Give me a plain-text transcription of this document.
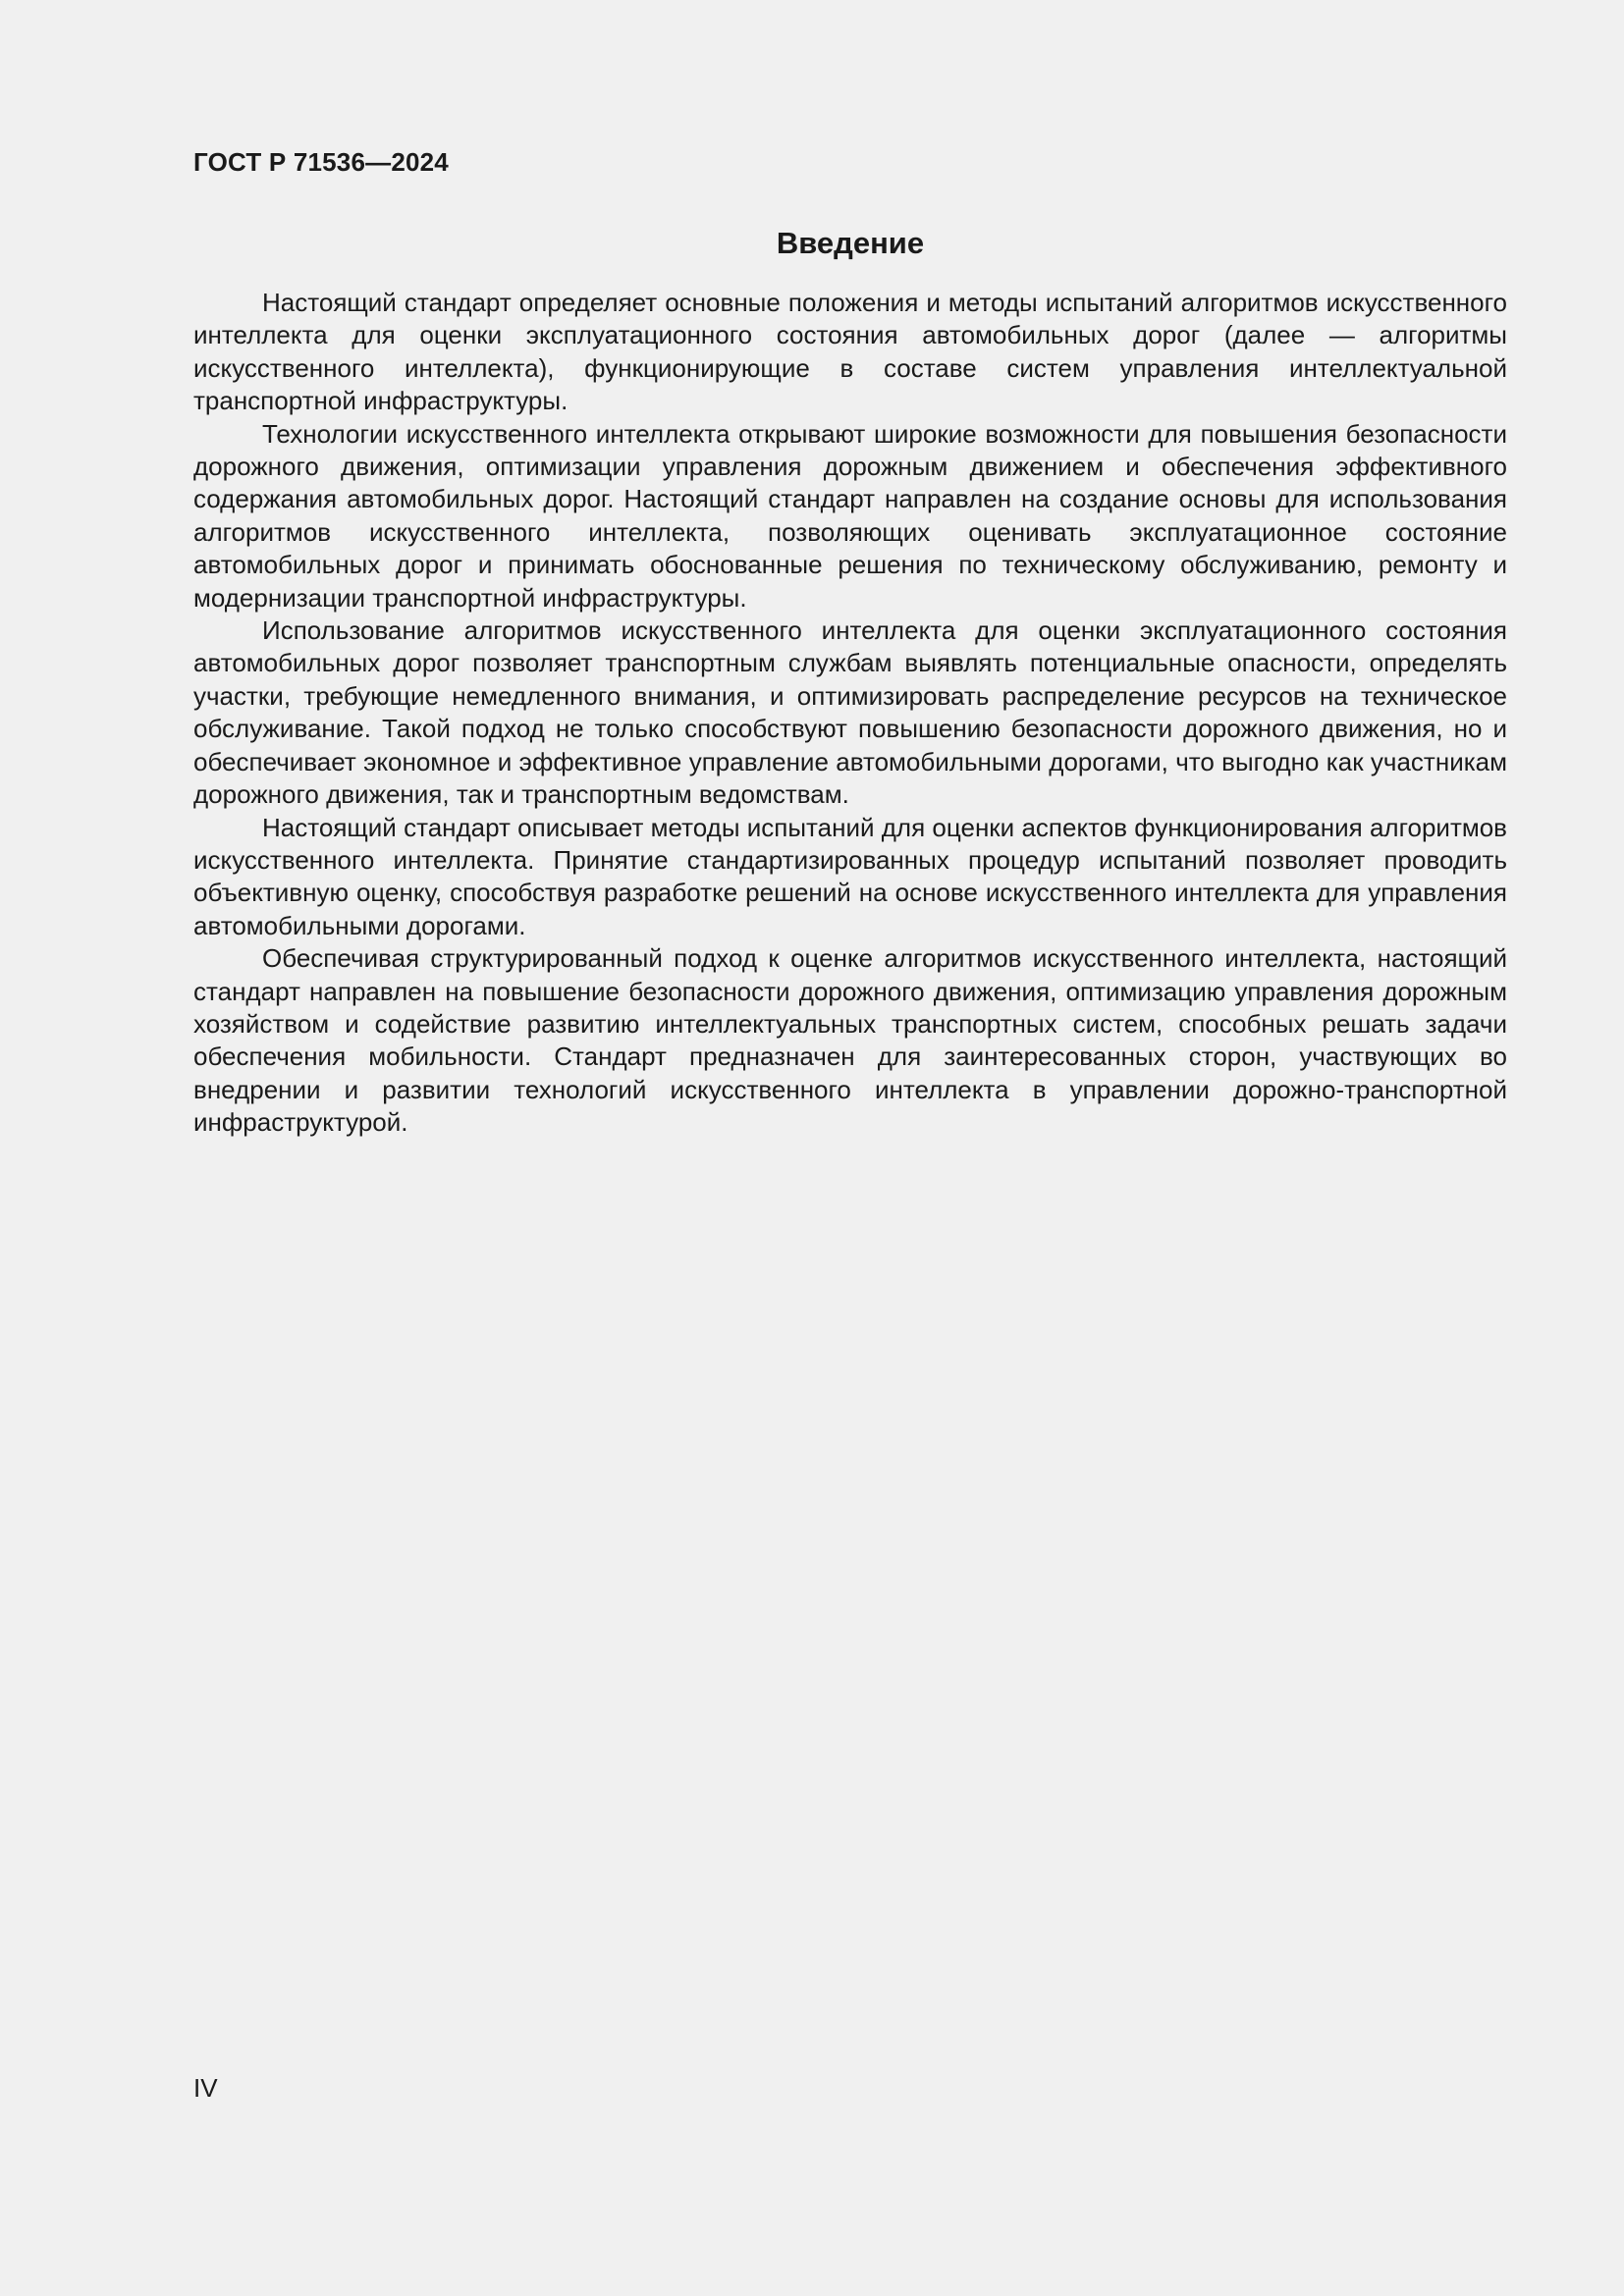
ГОСТ Р 71536—2024
Введение

Настоящий стандарт определяет основные положения и методы испытаний алгоритмов искусственного интеллекта для оценки эксплуатационного состояния автомобильных дорог (далее — алгоритмы искусственного интеллекта), функционирующие в составе систем управления интеллектуальной транспортной инфраструктуры.

Технологии искусственного интеллекта открывают широкие возможности для повышения безопасности дорожного движения, оптимизации управления дорожным движением и обеспечения эффективного содержания автомобильных дорог. Настоящий стандарт направлен на создание основы для использования алгоритмов искусственного интеллекта, позволяющих оценивать эксплуатационное состояние автомобильных дорог и принимать обоснованные решения по техническому обслуживанию, ремонту и модернизации транспортной инфраструктуры.

Использование алгоритмов искусственного интеллекта для оценки эксплуатационного состояния автомобильных дорог позволяет транспортным службам выявлять потенциальные опасности, определять участки, требующие немедленного внимания, и оптимизировать распределение ресурсов на техническое обслуживание. Такой подход не только способствуют повышению безопасности дорожного движения, но и обеспечивает экономное и эффективное управление автомобильными дорогами, что выгодно как участникам дорожного движения, так и транспортным ведомствам.

Настоящий стандарт описывает методы испытаний для оценки аспектов функционирования алгоритмов искусственного интеллекта. Принятие стандартизированных процедур испытаний позволяет проводить объективную оценку, способствуя разработке решений на основе искусственного интеллекта для управления автомобильными дорогами.

Обеспечивая структурированный подход к оценке алгоритмов искусственного интеллекта, настоящий стандарт направлен на повышение безопасности дорожного движения, оптимизацию управления дорожным хозяйством и содействие развитию интеллектуальных транспортных систем, способных решать задачи обеспечения мобильности. Стандарт предназначен для заинтересованных сторон, участвующих во внедрении и развитии технологий искусственного интеллекта в управлении дорожно-транспортной инфраструктурой.

IV
